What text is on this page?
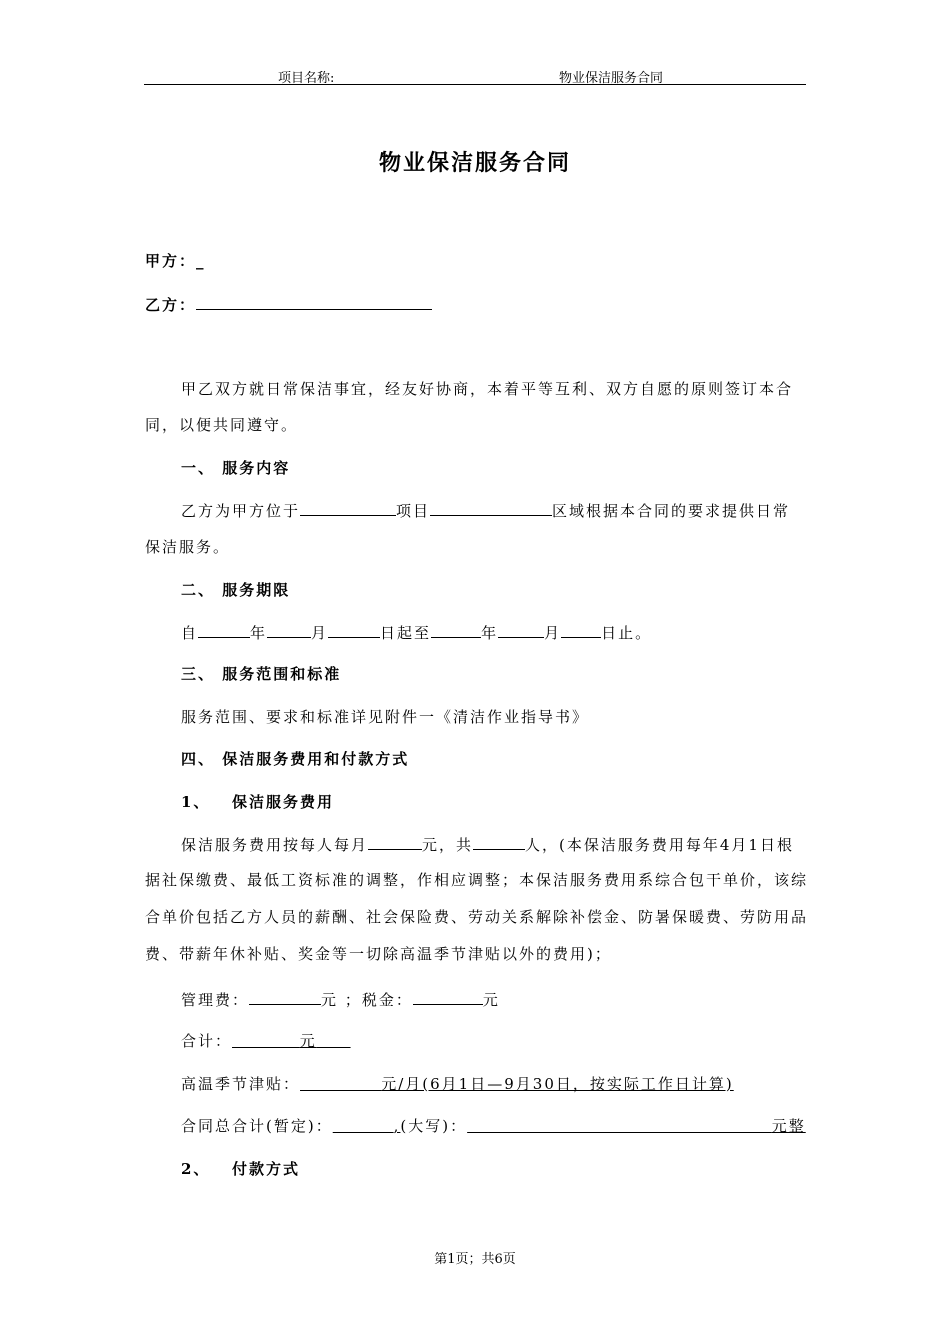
项目名称:	物业保洁服务合同
物业保洁服务合同
甲方：_
乙方：
甲乙双方就日常保洁事宜，经友好协商，本着平等互利、双方自愿的原则签订本合
同，以便共同遵守。
一、 服务内容
乙方为甲方位于	项目	区域根据本合同的要求提供日常
保洁服务。
二、 服务期限
自	年	月	日起至	年	月	日止。
三、 服务范围和标准
服务范围、要求和标准详见附件一《清洁作业指导书》
四、 保洁服务费用和付款方式
1、 保洁服务费用
保洁服务费用按每人每月	元，共	人，(本保洁服务费用每年4月1日根
据社保缴费、最低工资标准的调整，作相应调整；本保洁服务费用系综合包干单价，该综
合单价包括乙方人员的薪酬、社会保险费、劳动关系解除补偿金、防暑保暖费、劳防用品
费、带薪年休补贴、奖金等一切除高温季节津贴以外的费用)；
管理费：	元 ；税金：	元
合计：	元
高温季节津贴：	元/月(6月1日—9月30日，按实际工作日计算)
合同总合计(暂定)：	,(大写)：	元整
2、 付款方式
第1页；共6页
